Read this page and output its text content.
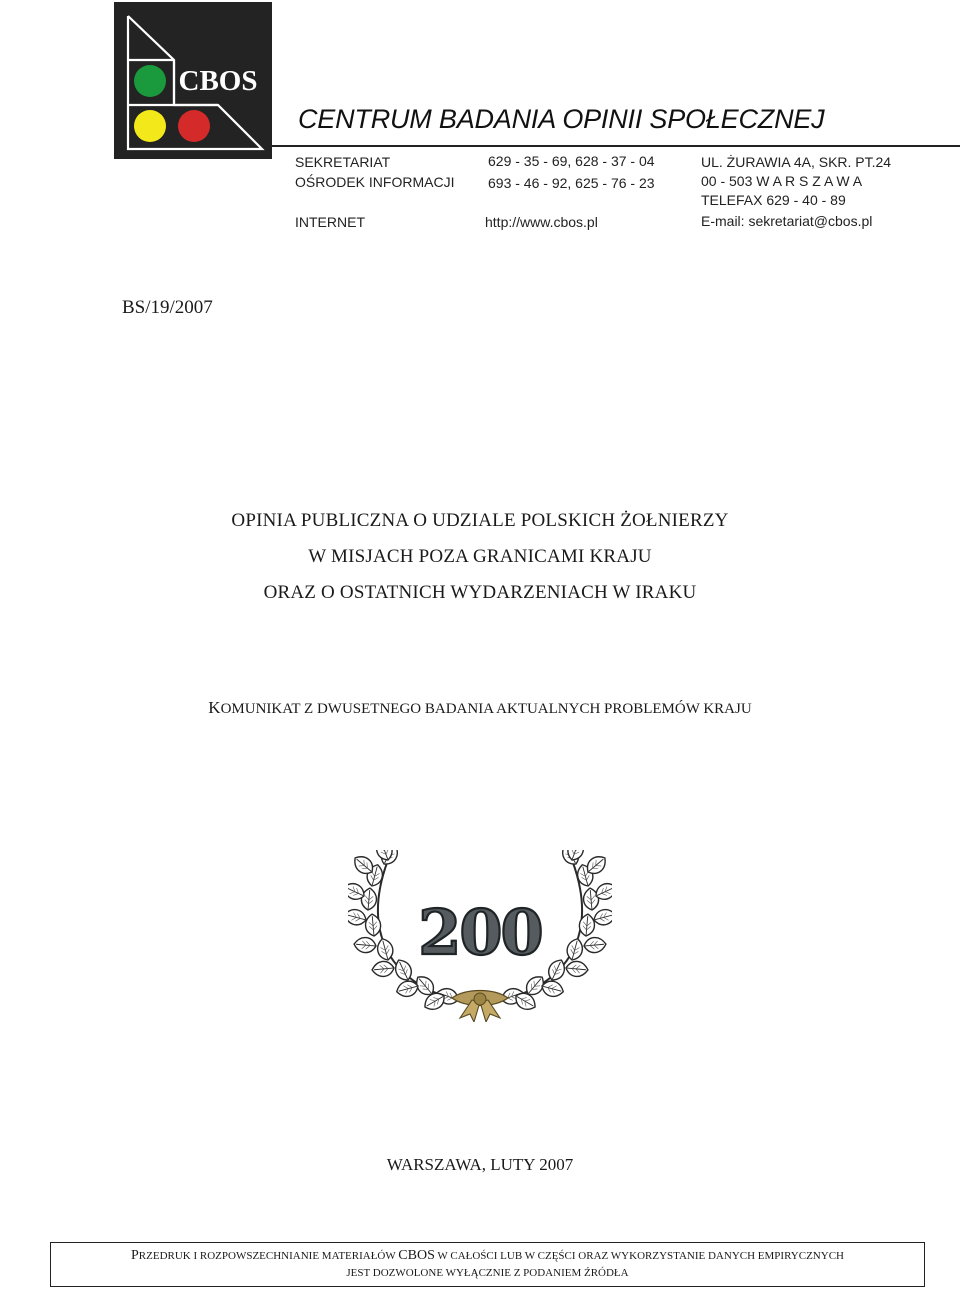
CBOS
CENTRUM BADANIA OPINII SPOŁECZNEJ
SEKRETARIAT
OŚRODEK INFORMACJI
INTERNET
629 - 35 - 69, 628 - 37 - 04
693 - 46 - 92, 625 - 76 - 23
http://www.cbos.pl
UL. ŻURAWIA 4A, SKR. PT.24
00 - 503 W A R S Z A W A
TELEFAX 629 - 40 - 89
E-mail: sekretariat@cbos.pl
BS/19/2007
OPINIA PUBLICZNA O UDZIALE POLSKICH ŻOŁNIERZY
W MISJACH POZA GRANICAMI KRAJU
ORAZ O OSTATNICH WYDARZENIACH W IRAKU
KOMUNIKAT Z DWUSETNEGO BADANIA AKTUALNYCH PROBLEMÓW KRAJU
200
WARSZAWA, LUTY 2007
PRZEDRUK I ROZPOWSZECHNIANIE MATERIAŁÓW CBOS W CAŁOŚCI LUB W CZĘŚCI ORAZ WYKORZYSTANIE DANYCH EMPIRYCZNYCH
JEST DOZWOLONE WYŁĄCZNIE Z PODANIEM ŹRÓDŁA
